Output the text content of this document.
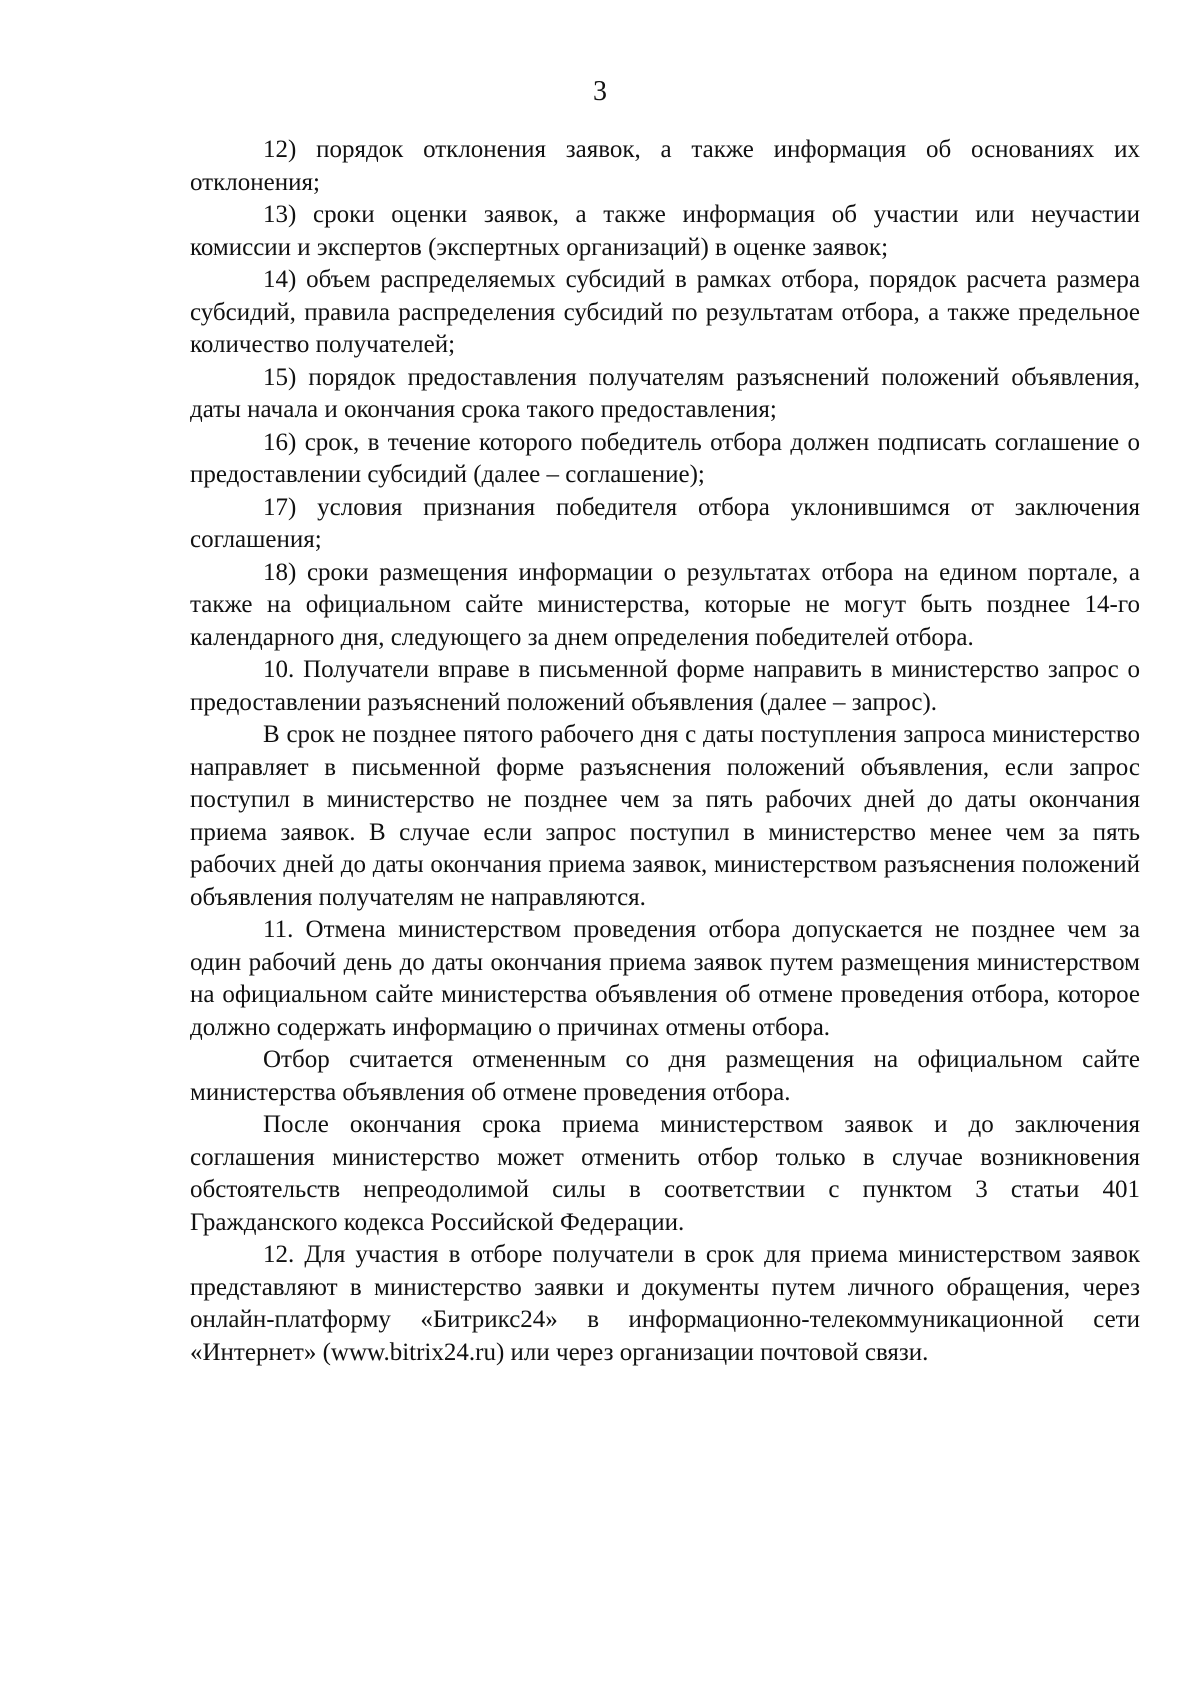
3

12) порядок отклонения заявок, а также информация об основаниях их отклонения;

13) сроки оценки заявок, а также информация об участии или неучастии комиссии и экспертов (экспертных организаций) в оценке заявок;

14) объем распределяемых субсидий в рамках отбора, порядок расчета размера субсидий, правила распределения субсидий по результатам отбора, а также предельное количество получателей;

15) порядок предоставления получателям разъяснений положений объявления, даты начала и окончания срока такого предоставления;

16) срок, в течение которого победитель отбора должен подписать соглашение о предоставлении субсидий (далее – соглашение);

17) условия признания победителя отбора уклонившимся от заключения соглашения;

18) сроки размещения информации о результатах отбора на едином портале, а также на официальном сайте министерства, которые не могут быть позднее 14-го календарного дня, следующего за днем определения победителей отбора.

10. Получатели вправе в письменной форме направить в министерство запрос о предоставлении разъяснений положений объявления (далее – запрос).

В срок не позднее пятого рабочего дня с даты поступления запроса министерство направляет в письменной форме разъяснения положений объявления, если запрос поступил в министерство не позднее чем за пять рабочих дней до даты окончания приема заявок. В случае если запрос поступил в министерство менее чем за пять рабочих дней до даты окончания приема заявок, министерством разъяснения положений объявления получателям не направляются.

11. Отмена министерством проведения отбора допускается не позднее чем за один рабочий день до даты окончания приема заявок путем размещения министерством на официальном сайте министерства объявления об отмене проведения отбора, которое должно содержать информацию о причинах отмены отбора.

Отбор считается отмененным со дня размещения на официальном сайте министерства объявления об отмене проведения отбора.

После окончания срока приема министерством заявок и до заключения соглашения министерство может отменить отбор только в случае возникновения обстоятельств непреодолимой силы в соответствии с пунктом 3 статьи 401 Гражданского кодекса Российской Федерации.

12. Для участия в отборе получатели в срок для приема министерством заявок представляют в министерство заявки и документы путем личного обращения, через онлайн-платформу «Битрикс24» в информационно-телекоммуникационной сети «Интернет» (www.bitrix24.ru) или через организации почтовой связи.
